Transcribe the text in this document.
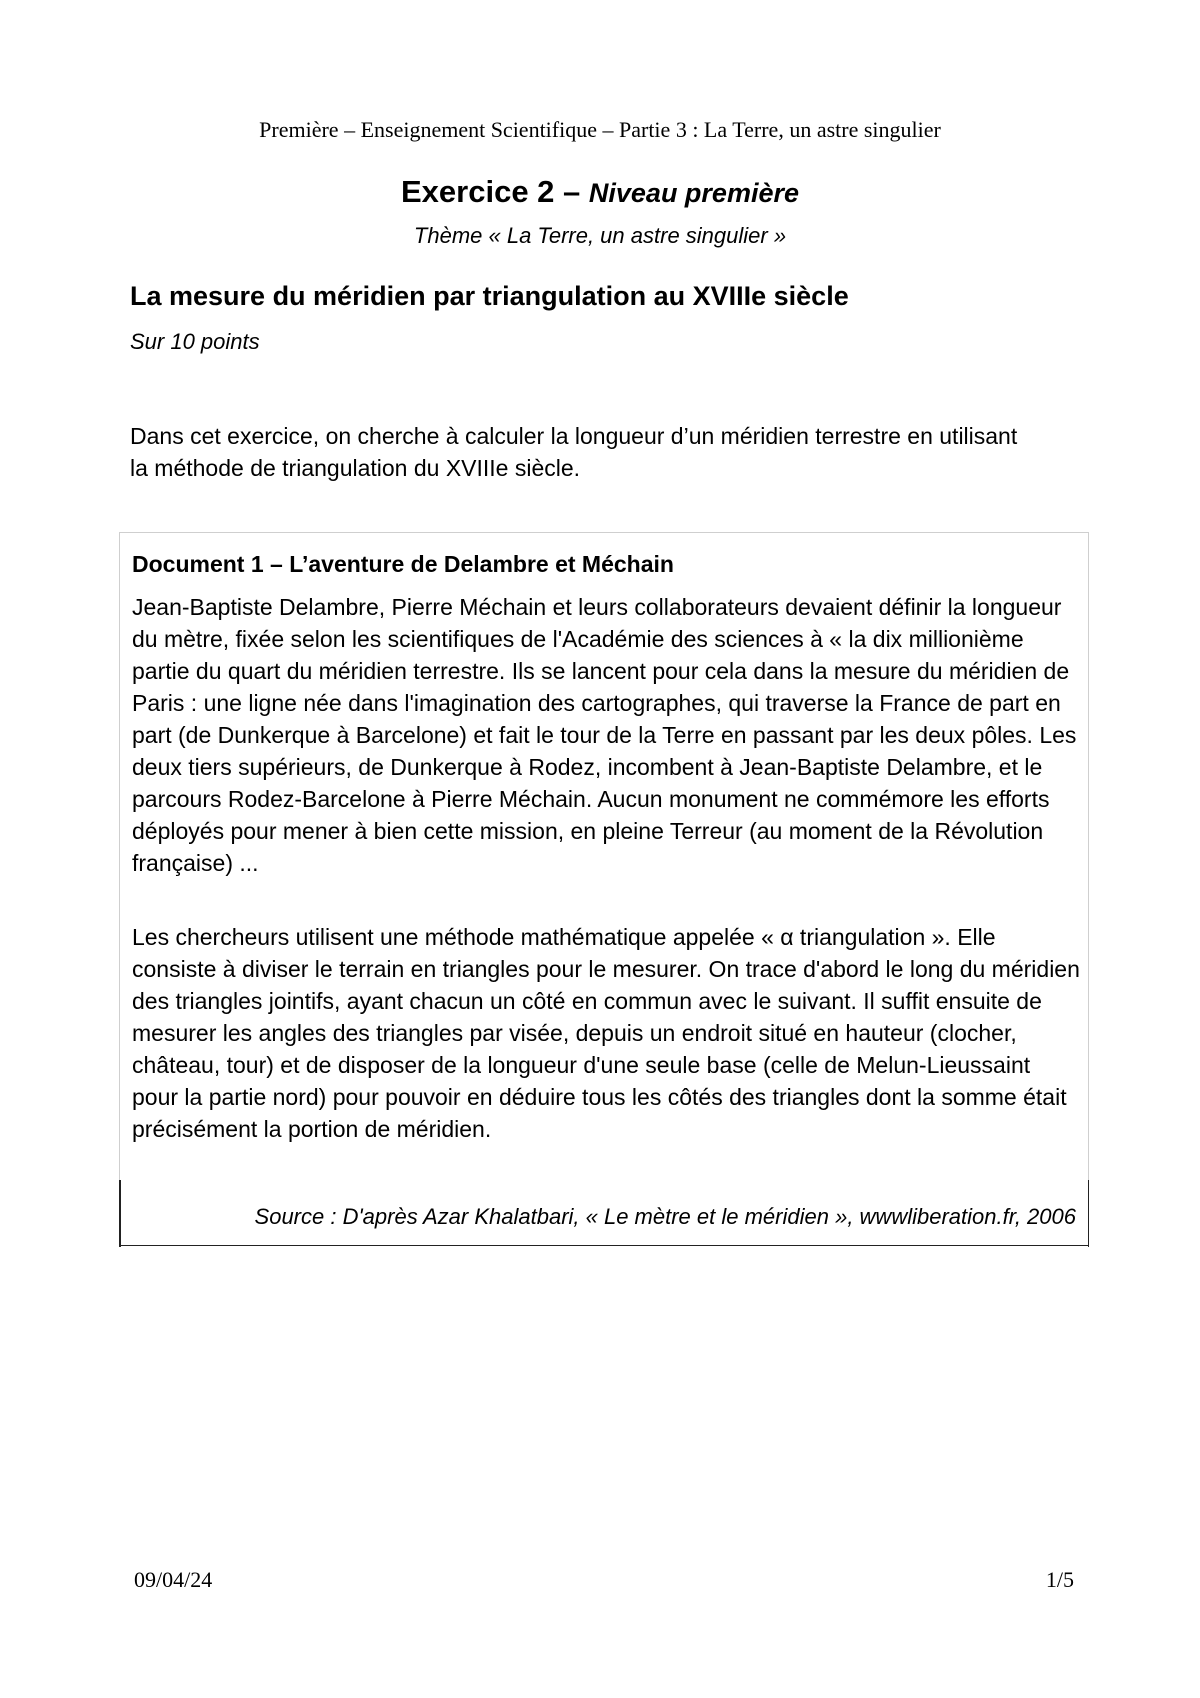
Première – Enseignement Scientifique – Partie 3 : La Terre, un astre singulier
Exercice 2 – Niveau première
Thème « La Terre, un astre singulier »
La mesure du méridien par triangulation au XVIIIe siècle
Sur 10 points

Dans cet exercice, on cherche à calculer la longueur d’un méridien terrestre en utilisant la méthode de triangulation du XVIIIe siècle.

Document 1 – L’aventure de Delambre et Méchain

Jean-Baptiste Delambre, Pierre Méchain et leurs collaborateurs devaient définir la longueur du mètre, fixée selon les scientifiques de l'Académie des sciences à « la dix millionième partie du quart du méridien terrestre. Ils se lancent pour cela dans la mesure du méridien de Paris : une ligne née dans l'imagination des cartographes, qui traverse la France de part en part (de Dunkerque à Barcelone) et fait le tour de la Terre en passant par les deux pôles. Les deux tiers supérieurs, de Dunkerque à Rodez, incombent à Jean-Baptiste Delambre, et le parcours Rodez-Barcelone à Pierre Méchain. Aucun monument ne commémore les efforts déployés pour mener à bien cette mission, en pleine Terreur (au moment de la Révolution française) ...

Les chercheurs utilisent une méthode mathématique appelée « α triangulation ». Elle consiste à diviser le terrain en triangles pour le mesurer. On trace d'abord le long du méridien des triangles jointifs, ayant chacun un côté en commun avec le suivant. Il suffit ensuite de mesurer les angles des triangles par visée, depuis un endroit situé en hauteur (clocher, château, tour) et de disposer de la longueur d'une seule base (celle de Melun-Lieussaint pour la partie nord) pour pouvoir en déduire tous les côtés des triangles dont la somme était précisément la portion de méridien.

Source : D'après Azar Khalatbari, « Le mètre et le méridien », wwwliberation.fr, 2006
09/04/24	1/5
